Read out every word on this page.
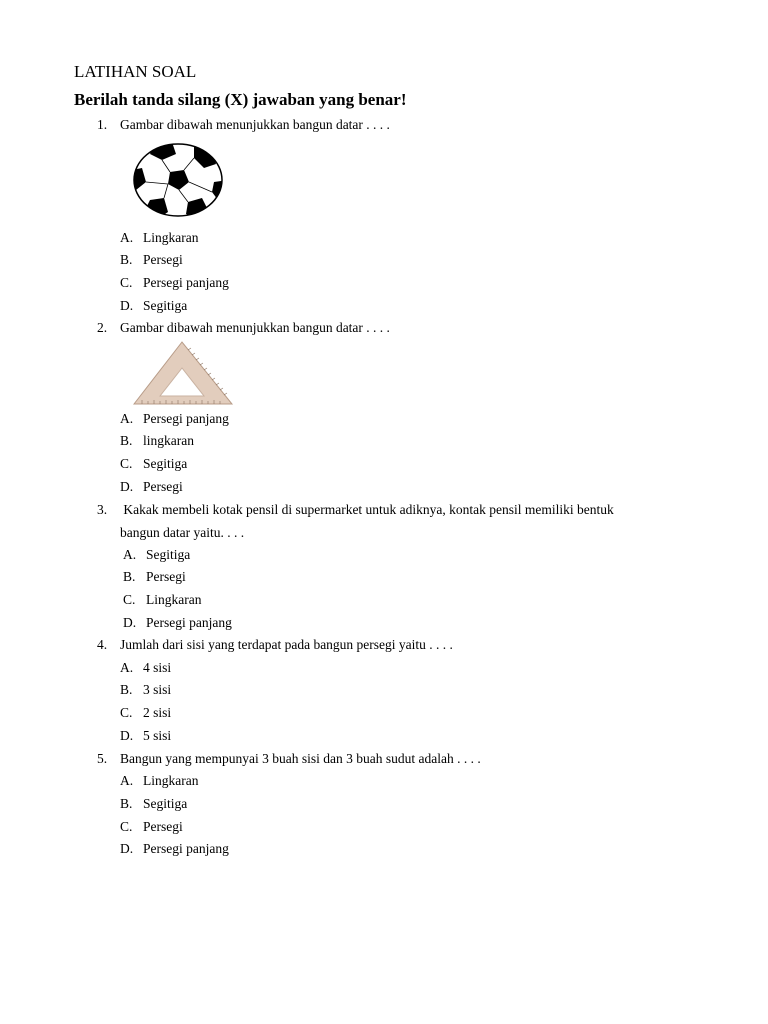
LATIHAN SOAL
Berilah tanda silang (X) jawaban yang benar!
1. Gambar dibawah menunjukkan bangun datar . . . .
A. Lingkaran
B. Persegi
C. Persegi panjang
D. Segitiga
2. Gambar dibawah menunjukkan bangun datar . . . .
A. Persegi panjang
B. lingkaran
C. Segitiga
D. Persegi
3. Kakak membeli kotak pensil di supermarket untuk adiknya, kontak pensil memiliki bentuk
bangun datar yaitu. . . .
A. Segitiga
B. Persegi
C. Lingkaran
D. Persegi panjang
4. Jumlah dari sisi yang terdapat pada bangun persegi yaitu . . . .
A. 4 sisi
B. 3 sisi
C. 2 sisi
D. 5 sisi
5. Bangun yang mempunyai 3 buah sisi dan 3 buah sudut adalah . . . .
A. Lingkaran
B. Segitiga
C. Persegi
D. Persegi panjang
